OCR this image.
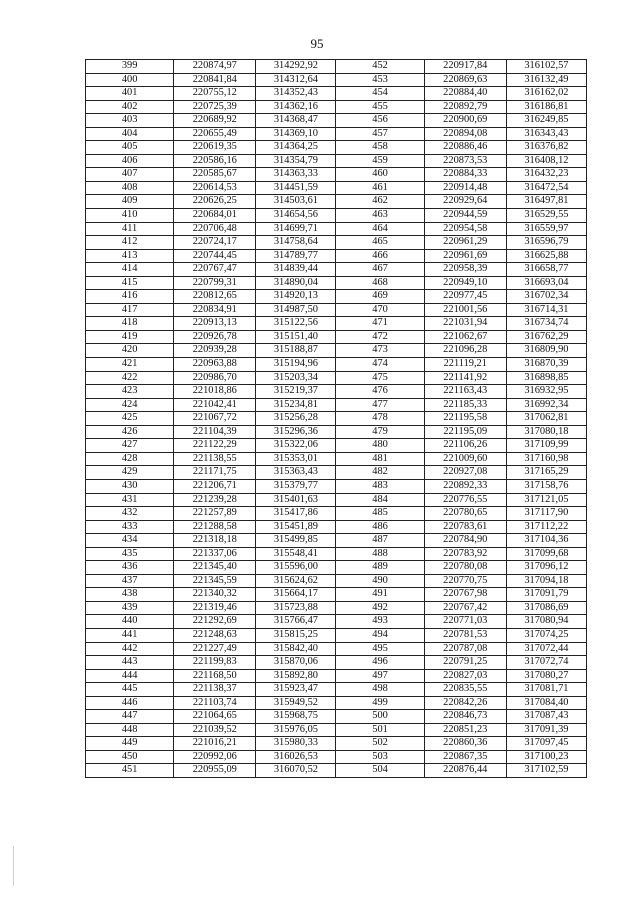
95
399	220874,97	314292,92	452	220917,84	316102,57
400	220841,84	314312,64	453	220869,63	316132,49
401	220755,12	314352,43	454	220884,40	316162,02
402	220725,39	314362,16	455	220892,79	316186,81
403	220689,92	314368,47	456	220900,69	316249,85
404	220655,49	314369,10	457	220894,08	316343,43
405	220619,35	314364,25	458	220886,46	316376,82
406	220586,16	314354,79	459	220873,53	316408,12
407	220585,67	314363,33	460	220884,33	316432,23
408	220614,53	314451,59	461	220914,48	316472,54
409	220626,25	314503,61	462	220929,64	316497,81
410	220684,01	314654,56	463	220944,59	316529,55
411	220706,48	314699,71	464	220954,58	316559,97
412	220724,17	314758,64	465	220961,29	316596,79
413	220744,45	314789,77	466	220961,69	316625,88
414	220767,47	314839,44	467	220958,39	316658,77
415	220799,31	314890,04	468	220949,10	316693,04
416	220812,65	314920,13	469	220977,45	316702,34
417	220834,91	314987,50	470	221001,56	316714,31
418	220913,13	315122,56	471	221031,94	316734,74
419	220926,78	315151,40	472	221062,67	316762,29
420	220939,28	315188,87	473	221096,28	316809,90
421	220963,88	315194,96	474	221119,21	316870,39
422	220986,70	315203,34	475	221141,92	316898,85
423	221018,86	315219,37	476	221163,43	316932,95
424	221042,41	315234,81	477	221185,33	316992,34
425	221067,72	315256,28	478	221195,58	317062,81
426	221104,39	315296,36	479	221195,09	317080,18
427	221122,29	315322,06	480	221106,26	317109,99
428	221138,55	315353,01	481	221009,60	317160,98
429	221171,75	315363,43	482	220927,08	317165,29
430	221206,71	315379,77	483	220892,33	317158,76
431	221239,28	315401,63	484	220776,55	317121,05
432	221257,89	315417,86	485	220780,65	317117,90
433	221288,58	315451,89	486	220783,61	317112,22
434	221318,18	315499,85	487	220784,90	317104,36
435	221337,06	315548,41	488	220783,92	317099,68
436	221345,40	315596,00	489	220780,08	317096,12
437	221345,59	315624,62	490	220770,75	317094,18
438	221340,32	315664,17	491	220767,98	317091,79
439	221319,46	315723,88	492	220767,42	317086,69
440	221292,69	315766,47	493	220771,03	317080,94
441	221248,63	315815,25	494	220781,53	317074,25
442	221227,49	315842,40	495	220787,08	317072,44
443	221199,83	315870,06	496	220791,25	317072,74
444	221168,50	315892,80	497	220827,03	317080,27
445	221138,37	315923,47	498	220835,55	317081,71
446	221103,74	315949,52	499	220842,26	317084,40
447	221064,65	315968,75	500	220846,73	317087,43
448	221039,52	315976,05	501	220851,23	317091,39
449	221016,21	315980,33	502	220860,36	317097,45
450	220992,06	316026,53	503	220867,35	317100,23
451	220955,09	316070,52	504	220876,44	317102,59
